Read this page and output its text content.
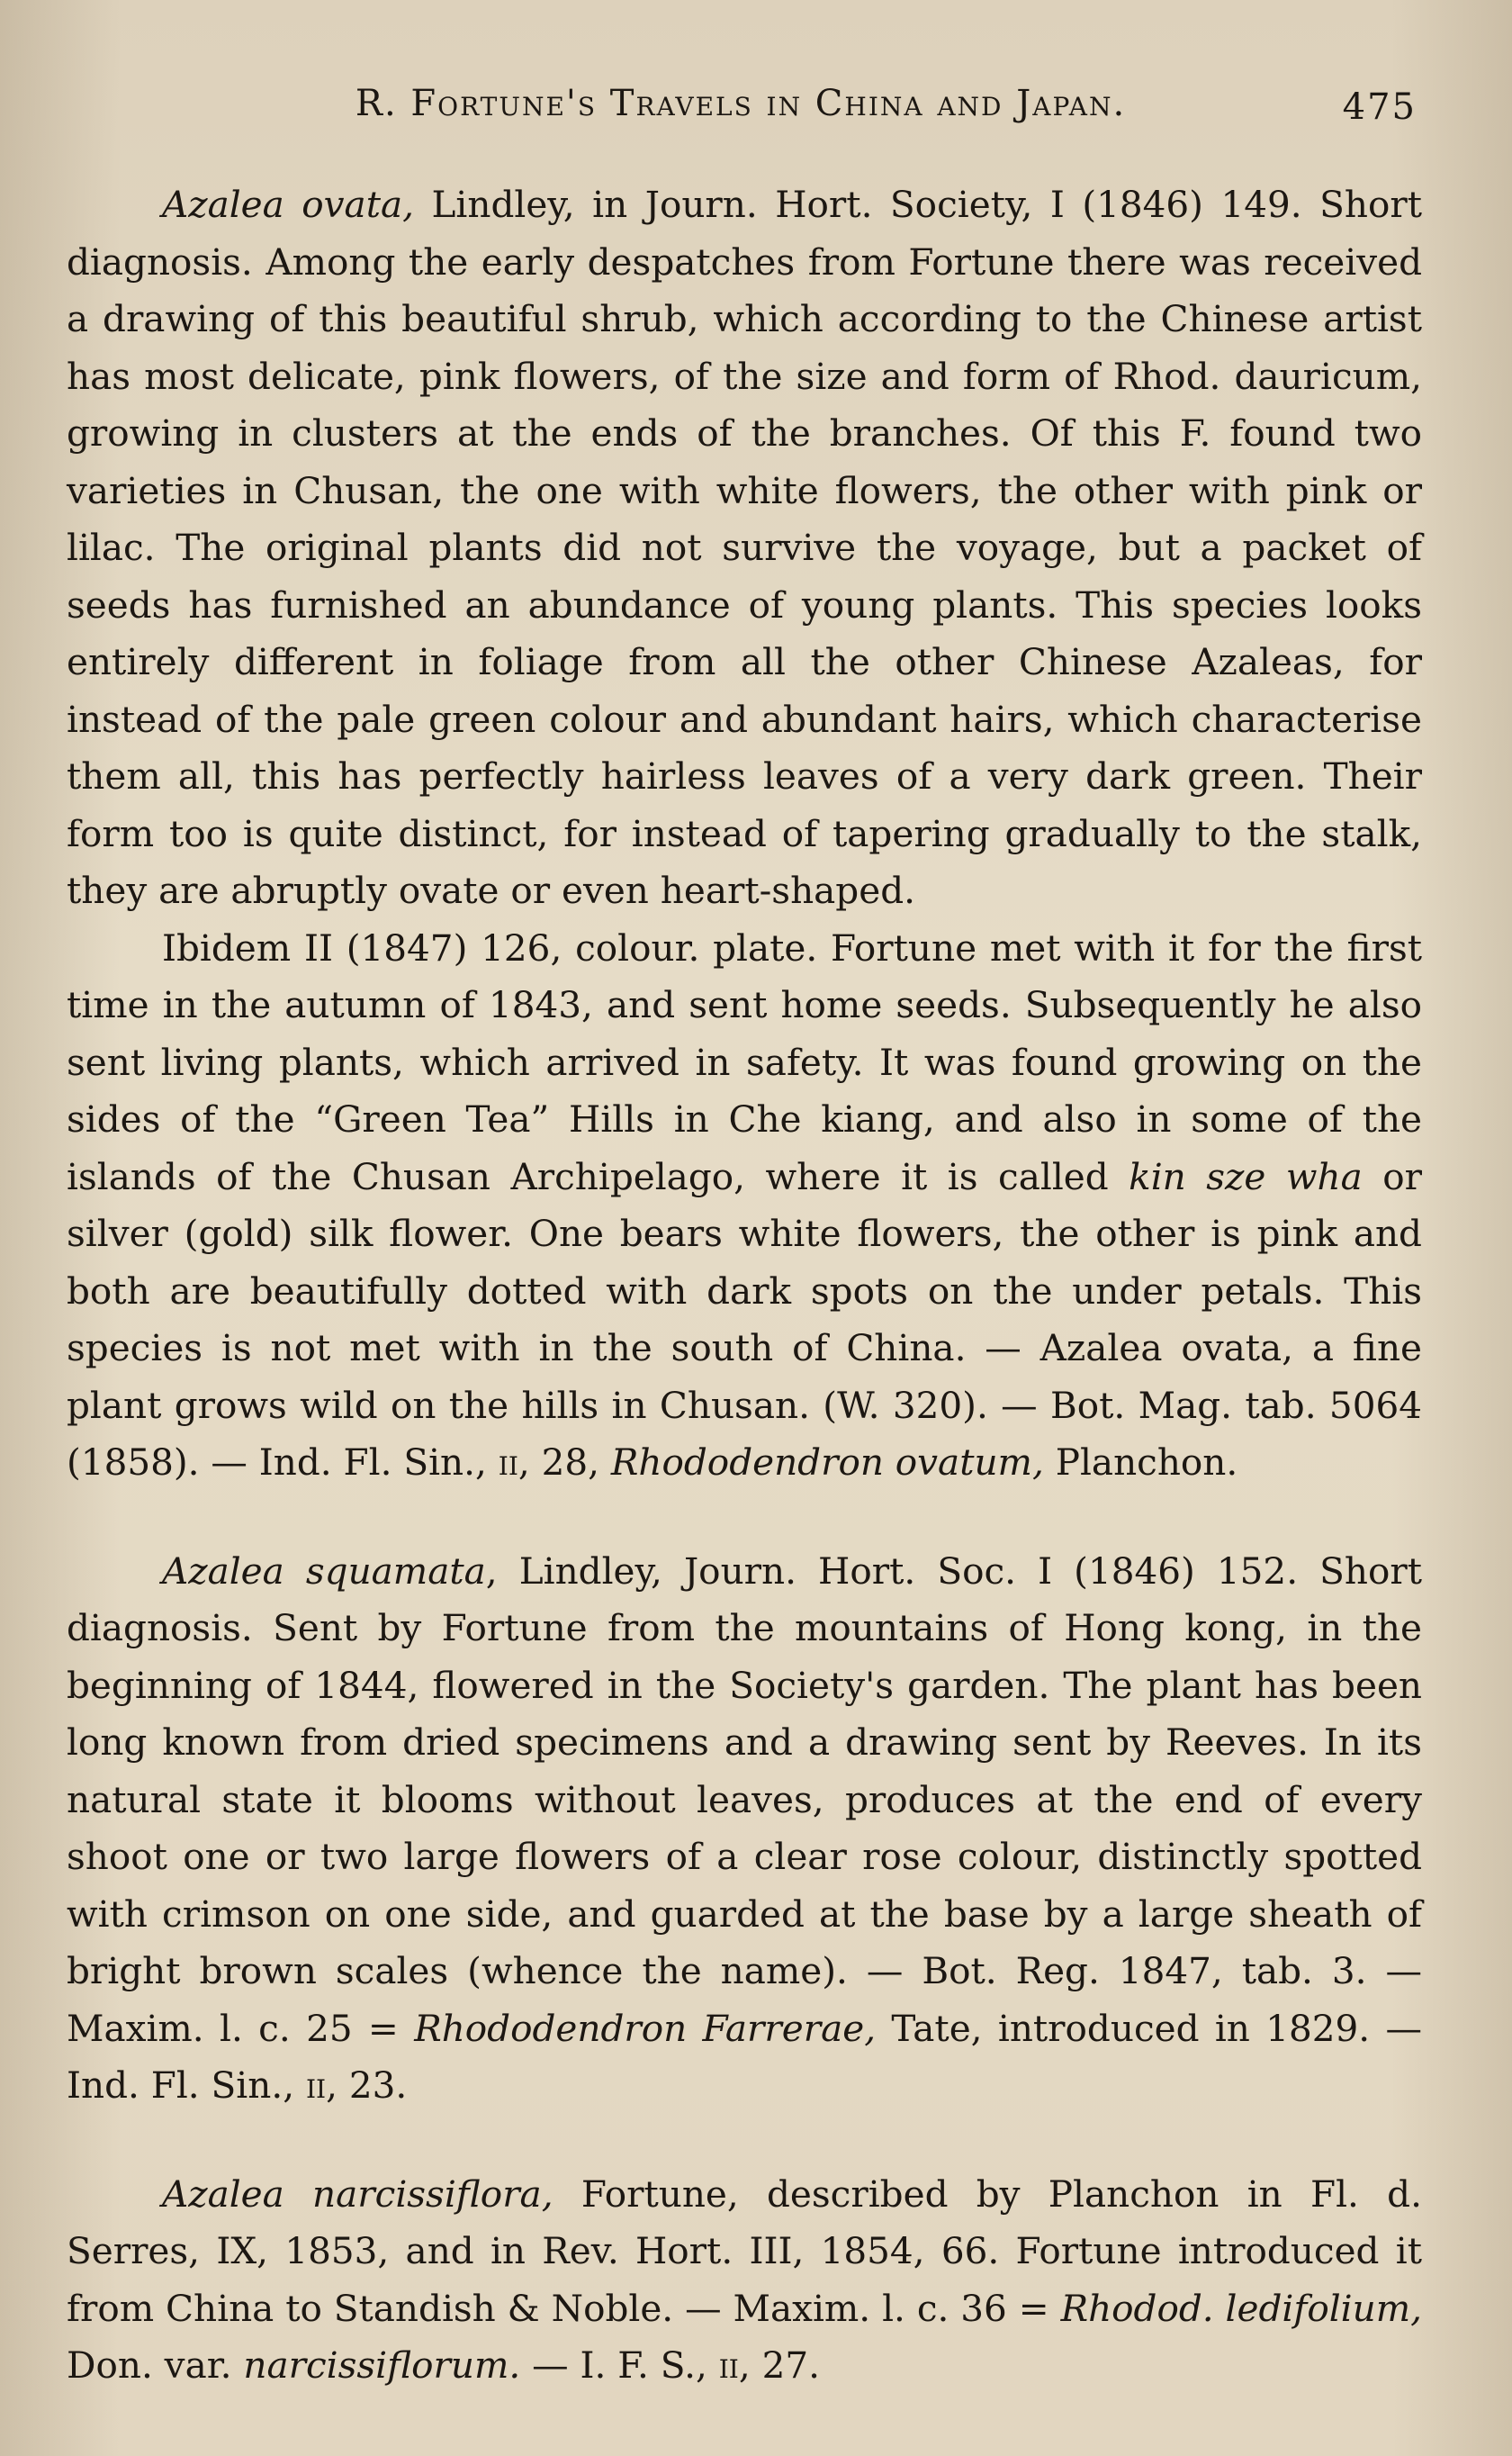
R. Fortune's Travels in China and Japan.	475

Azalea ovata, Lindley, in Journ. Hort. Society, I (1846) 149. Short diagnosis. Among the early despatches from Fortune there was received a drawing of this beautiful shrub, which according to the Chinese artist has most delicate, pink flowers, of the size and form of Rhod. dauricum, growing in clusters at the ends of the branches. Of this F. found two varieties in Chusan, the one with white flowers, the other with pink or lilac. The original plants did not survive the voyage, but a packet of seeds has furnished an abundance of young plants. This species looks entirely different in foliage from all the other Chinese Azaleas, for instead of the pale green colour and abundant hairs, which characterise them all, this has perfectly hairless leaves of a very dark green. Their form too is quite distinct, for instead of tapering gradually to the stalk, they are abruptly ovate or even heart-shaped.

Ibidem II (1847) 126, colour. plate. Fortune met with it for the first time in the autumn of 1843, and sent home seeds. Subsequently he also sent living plants, which arrived in safety. It was found growing on the sides of the “Green Tea” Hills in Che kiang, and also in some of the islands of the Chusan Archipelago, where it is called kin sze wha or silver (gold) silk flower. One bears white flowers, the other is pink and both are beautifully dotted with dark spots on the under petals. This species is not met with in the south of China. — Azalea ovata, a fine plant grows wild on the hills in Chusan. (W. 320). — Bot. Mag. tab. 5064 (1858). — Ind. Fl. Sin., ii, 28, Rhododendron ovatum, Planchon.

Azalea squamata, Lindley, Journ. Hort. Soc. I (1846) 152. Short diagnosis. Sent by Fortune from the mountains of Hong kong, in the beginning of 1844, flowered in the Society's garden. The plant has been long known from dried specimens and a drawing sent by Reeves. In its natural state it blooms without leaves, produces at the end of every shoot one or two large flowers of a clear rose colour, distinctly spotted with crimson on one side, and guarded at the base by a large sheath of bright brown scales (whence the name). — Bot. Reg. 1847, tab. 3. — Maxim. l. c. 25 = Rhododendron Farrerae, Tate, introduced in 1829. — Ind. Fl. Sin., ii, 23.

Azalea narcissiflora, Fortune, described by Planchon in Fl. d. Serres, IX, 1853, and in Rev. Hort. III, 1854, 66. Fortune introduced it from China to Standish & Noble. — Maxim. l. c. 36 = Rhodod. ledifolium, Don. var. narcissiflorum. — I. F. S., ii, 27.
